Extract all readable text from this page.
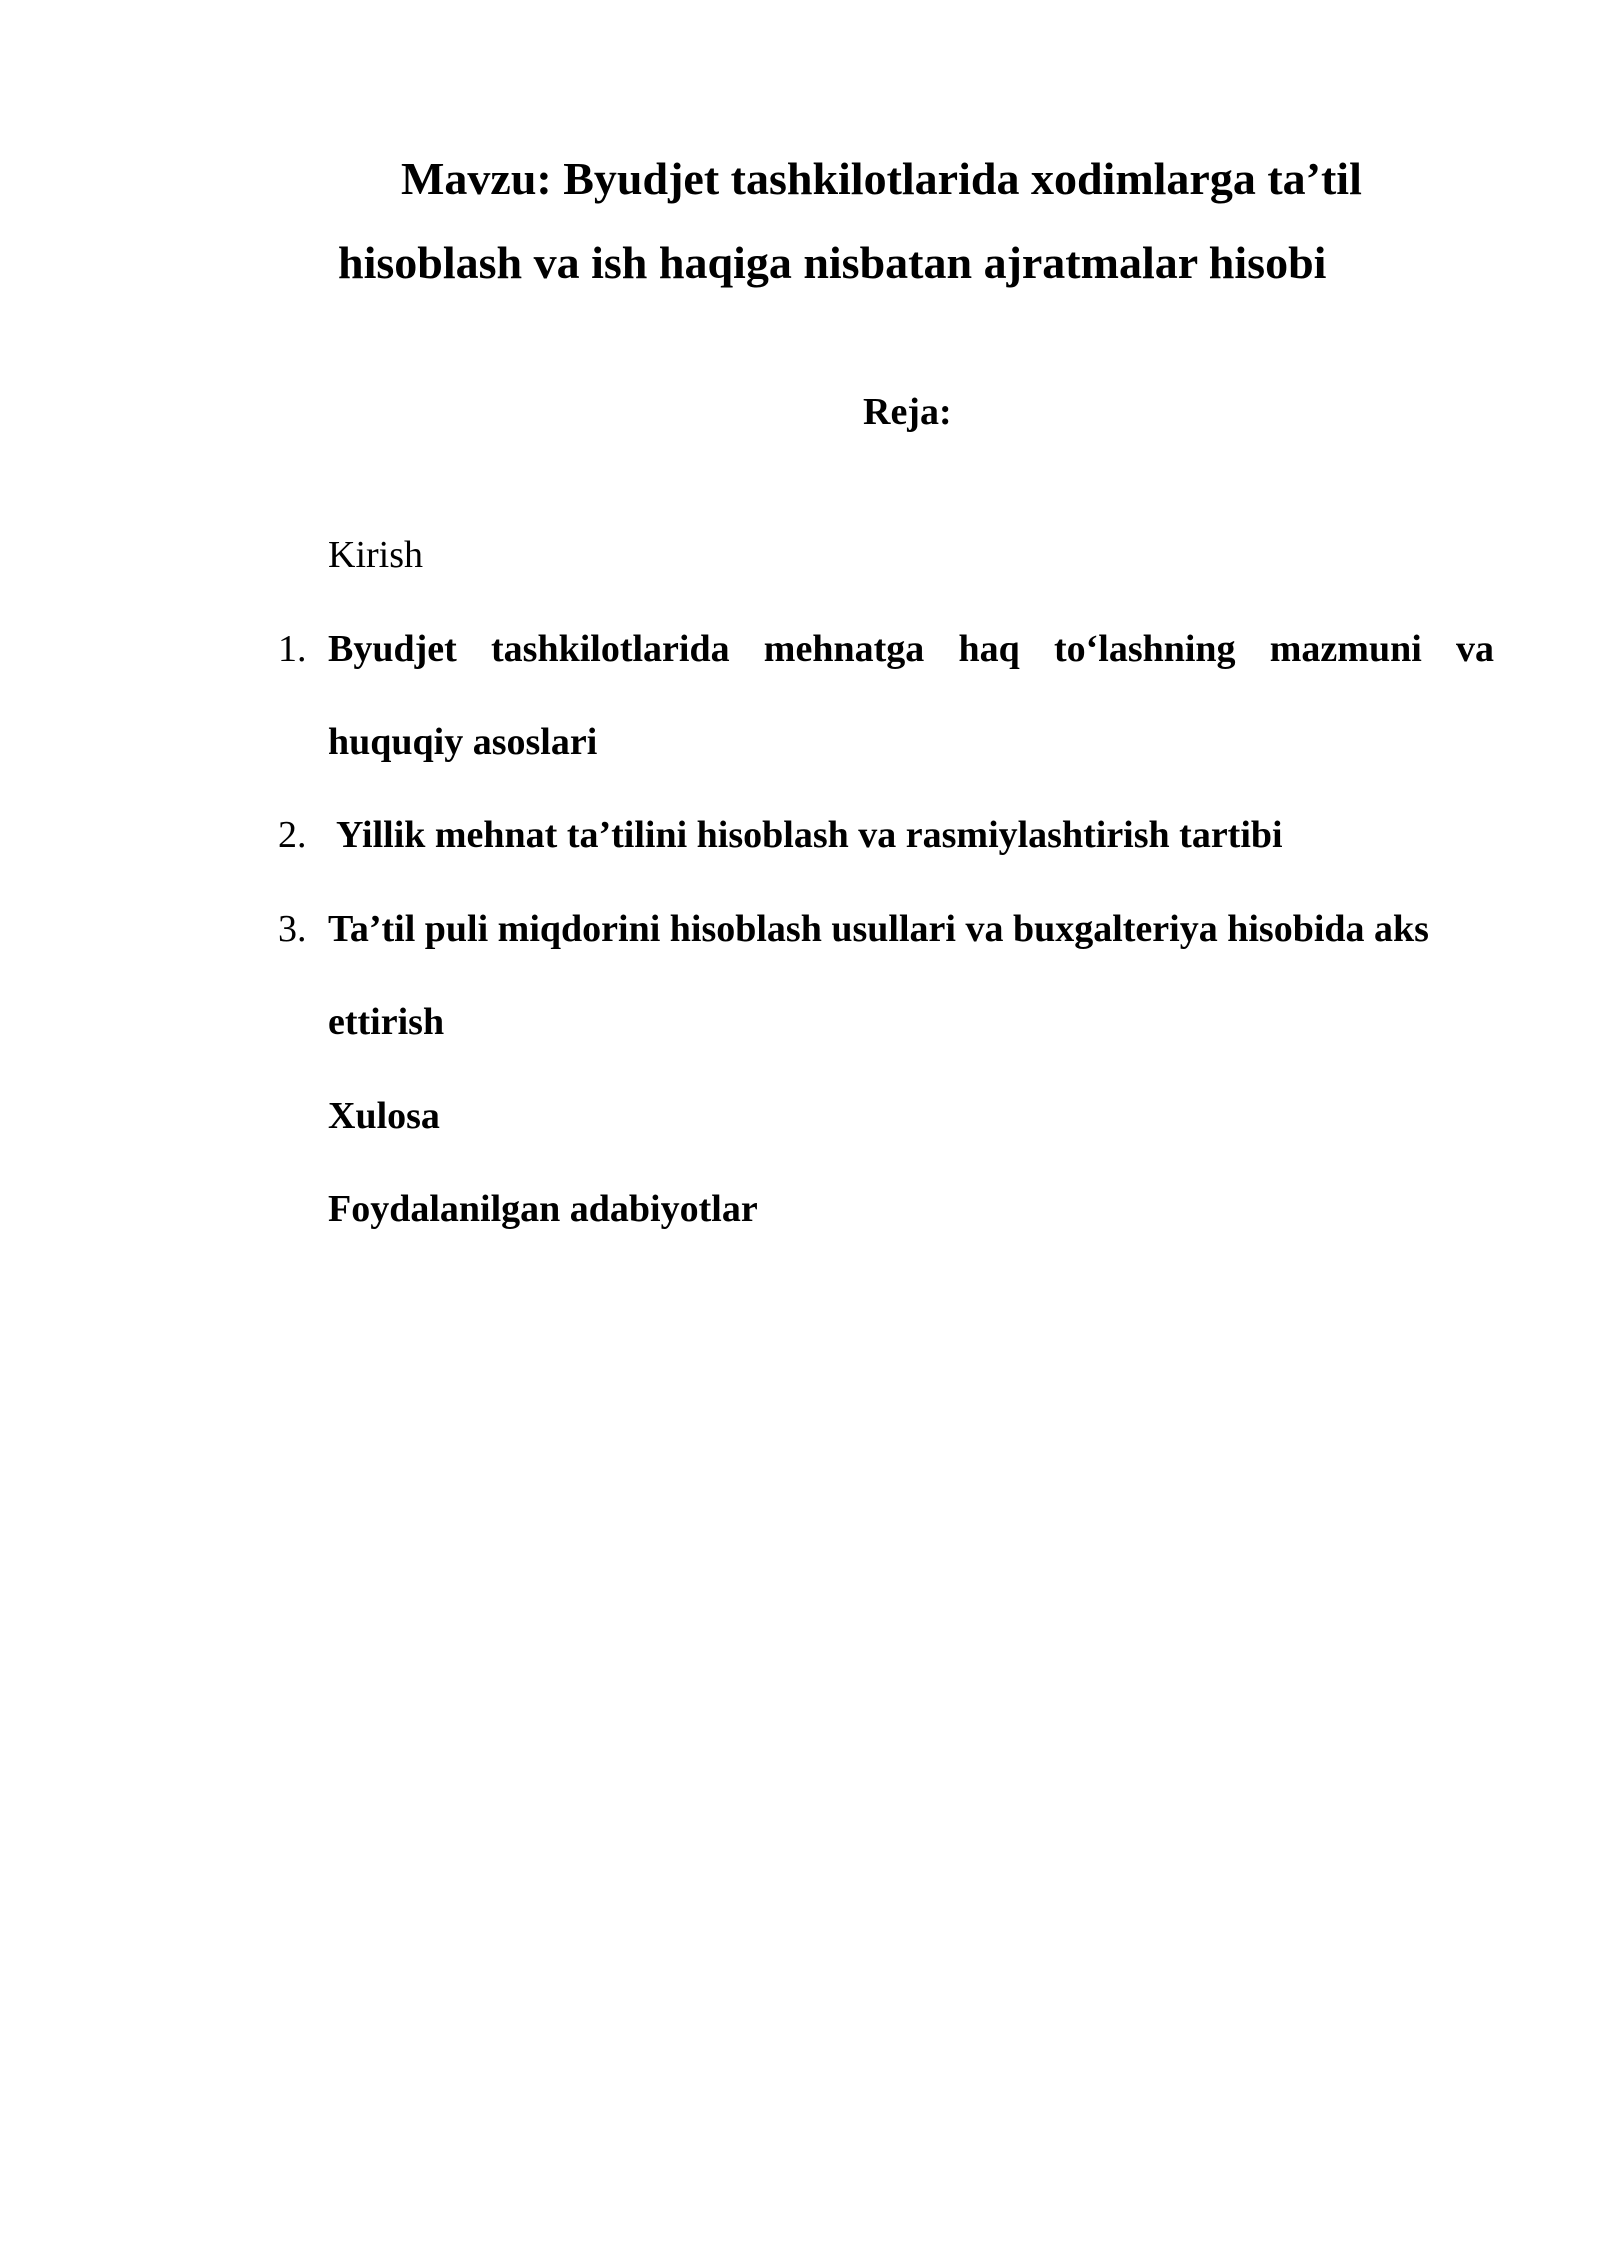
Mavzu: Byudjet tashkilotlarida xodimlarga ta’til
hisoblash va ish haqiga nisbatan ajratmalar hisobi
Reja:
Kirish
1. Byudjet tashkilotlarida mehnatga haq to‘lashning mazmuni va
huquqiy asoslari
2. Yillik mehnat ta’tilini hisoblash va rasmiylashtirish tartibi
3. Ta’til puli miqdorini hisoblash usullari va buxgalteriya hisobida aks
ettirish
Xulosa
Foydalanilgan adabiyotlar
